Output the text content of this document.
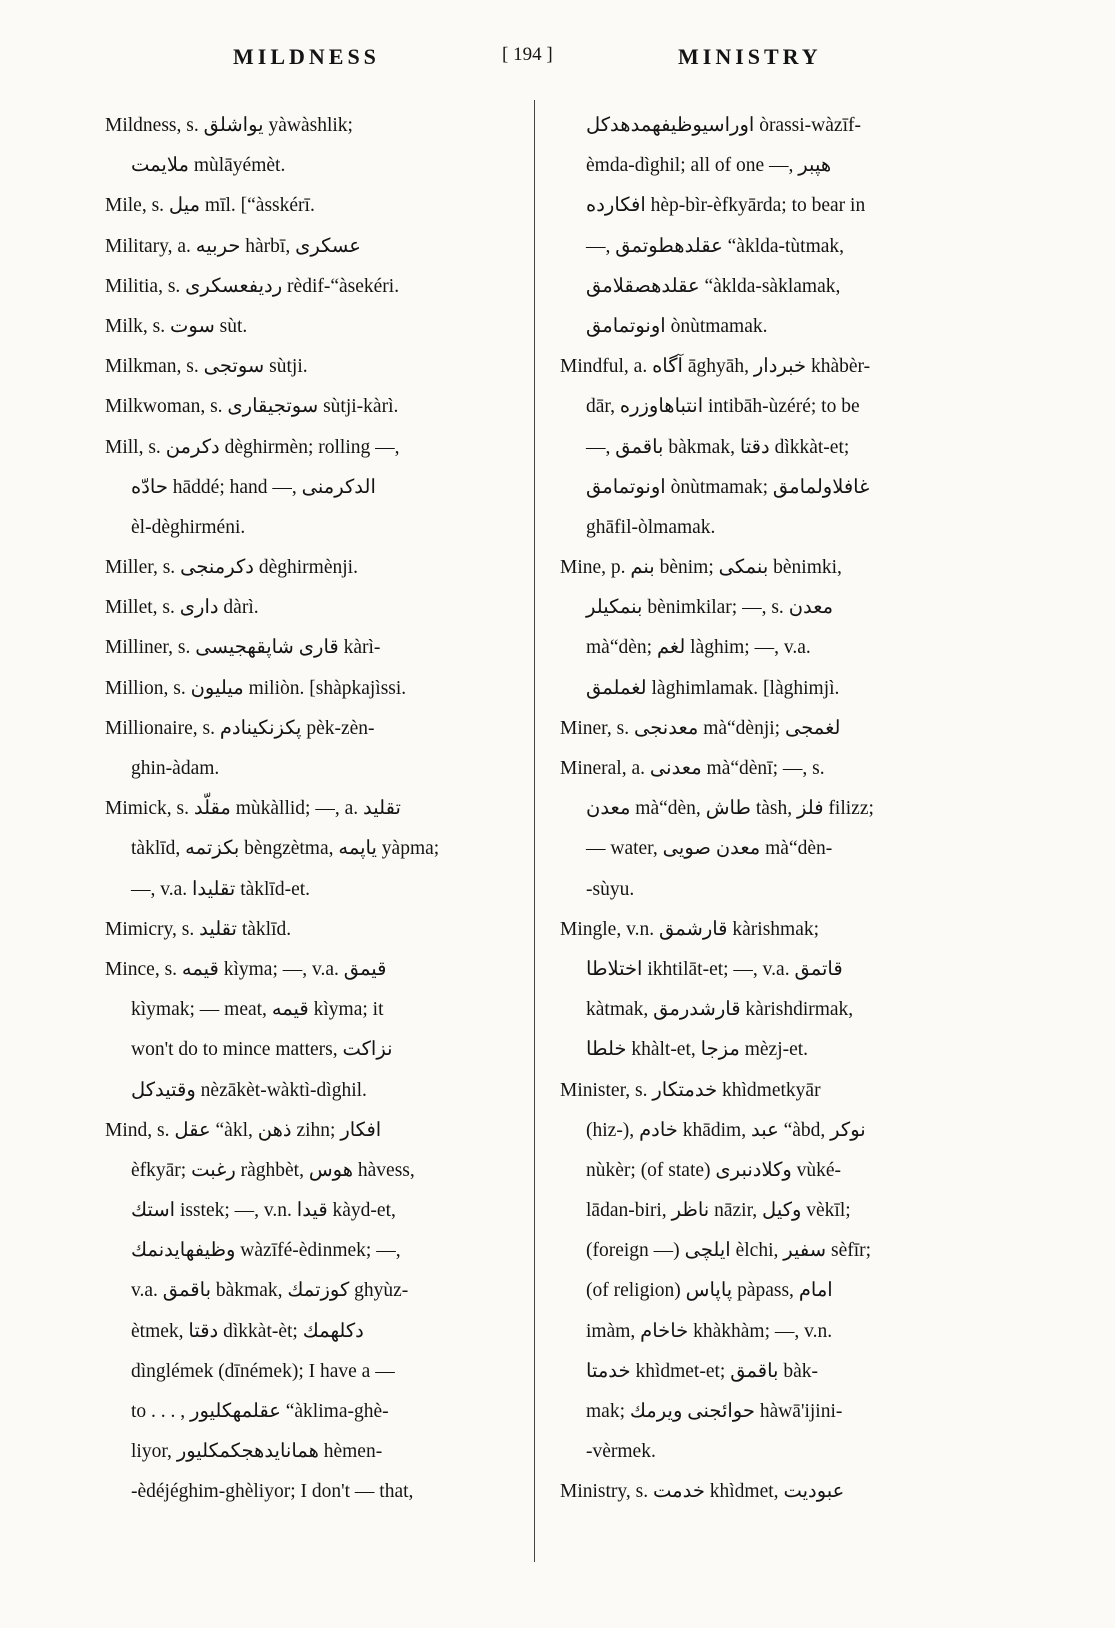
MILDNESS	[ 194 ]	MINISTRY
Mildness, s. یواشلق yàwàshlik;
ملایمت mùlāyémèt.
Mile, s. میل mīl. [“àsskérī.
Military, a. حربیه hàrbī, عسکری
Militia, s. ردیفعسکری rèdif-“àsekéri.
Milk, s. سوت sùt.
Milkman, s. سوتجی sùtji.
Milkwoman, s. سوتجیقاری sùtji-kàrì.
Mill, s. دکرمن dèghirmèn; rolling —,
حادّه hāddé; hand —, الدکرمنی
èl-dèghirméni.
Miller, s. دکرمنجی dèghirmènji.
Millet, s. داری dàrì.
Milliner, s. قاری شاپقهجیسی kàrì-
Million, s. میلیون miliòn. [shàpkajìssi.
Millionaire, s. پكزنكینادم pèk-zèn-
ghin-àdam.
Mimick, s. مقلّد mùkàllid; —, a. تقلید
tàklīd, بکزتمه bèngzètma, یاپمه yàpma;
—, v.a. تقلیدا tàklīd-et.
Mimicry, s. تقلید tàklīd.
Mince, s. قیمه kìyma; —, v.a. قیمق
kìymak; — meat, قیمه kìyma; it
won't do to mince matters, نزاکت
وقتیدکل nèzākèt-wàktì-dìghil.
Mind, s. عقل “àkl, ذهن zihn; افکار
èfkyār; رغبت ràghbèt, هوس hàvess,
استك isstek; —, v.n. قیدا kàyd-et,
وظیفهایدنمك wàzīfé-èdinmek; —,
v.a. باقمق bàkmak, کوزتمك ghyùz-
ètmek, دقتا dìkkàt-èt; دکلهمك
dìnglémek (dīnémek); I have a —
to . . . , عقلمهکلیور “àklima-ghè-
liyor, همانایدهجکمکلیور hèmen-
-èdéjéghim-ghèliyor; I don't — that,
اوراسیوظیفهمدهدکل òrassi-wàzīf-
èmda-dìghil; all of one —, هپبر
افکارده hèp-bìr-èfkyārda; to bear in
—, عقلدهطوتمق “àklda-tùtmak,
عقلدهصقلامق “àklda-sàklamak,
اونوتمامق ònùtmamak.
Mindful, a. آگاه āghyāh, خبردار khàbèr-
dār, انتباهاوزره intibāh-ùzéré; to be
—, باقمق bàkmak, دقتا dìkkàt-et;
اونوتمامق ònùtmamak; غافلاولمامق
ghāfil-òlmamak.
Mine, p. بنم bènim; بنمكی bènimki,
بنمکیلر bènimkilar; —, s. معدن
mà“dèn; لغم làghim; —, v.a.
لغملمق làghimlamak. [làghimjì.
Miner, s. معدنجی mà“dènji; لغمجی
Mineral, a. معدنی mà“dènī; —, s.
معدن mà“dèn, طاش tàsh, فلز filizz;
— water, معدن صویی mà“dèn-
-sùyu.
Mingle, v.n. قارشمق kàrishmak;
اختلاطا ikhtilāt-et; —, v.a. قاتمق
kàtmak, قارشدرمق kàrishdirmak,
خلطا khàlt-et, مزجا mèzj-et.
Minister, s. خدمتکار khìdmetkyār
(hiz-), خادم khādim, عبد “àbd, نوکر
nùkèr; (of state) وکلادنبری vùké-
lādan-biri, ناظر nāzir, وکیل vèkīl;
(foreign —) ایلچی èlchi, سفیر sèfīr;
(of religion) پاپاس pàpass, امام
imàm, خاخام khàkhàm; —, v.n.
خدمتا khìdmet-et; باقمق bàk-
mak; حوائجنی ویرمك hàwā'ijini-
-vèrmek.
Ministry, s. خدمت khìdmet, عبودیت
